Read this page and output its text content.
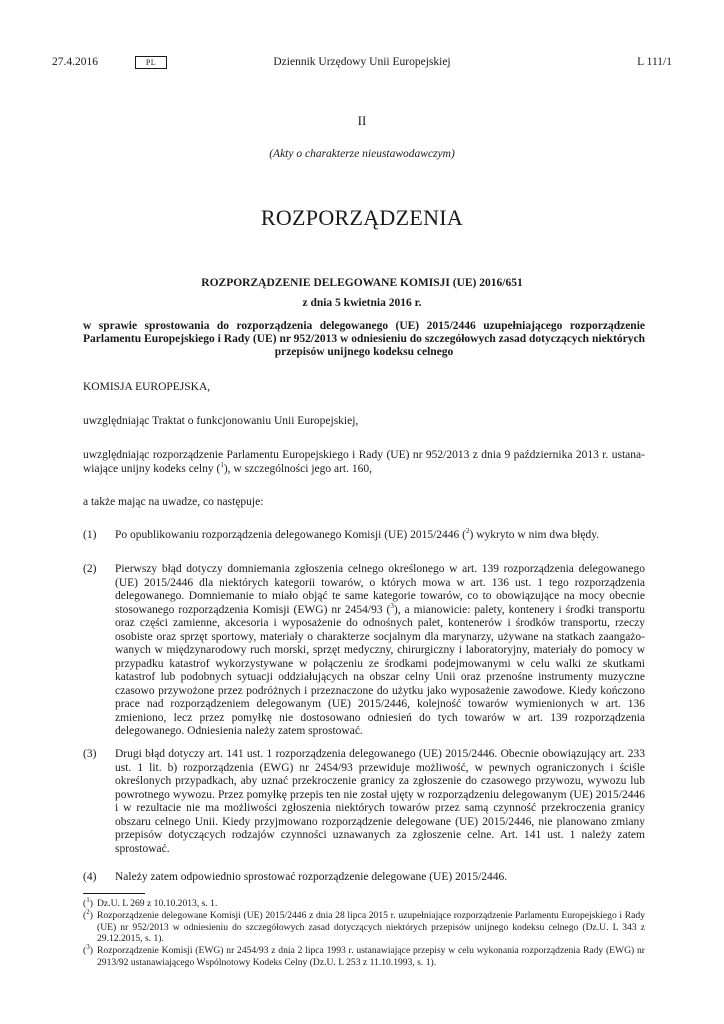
Dziennik Urzędowy Unii Europejskiej
27.4.2016	PL	L 111/1
II
(Akty o charakterze nieustawodawczym)
ROZPORZĄDZENIA
ROZPORZĄDZENIE DELEGOWANE KOMISJI (UE) 2016/651
z dnia 5 kwietnia 2016 r.
w sprawie sprostowania do rozporządzenia delegowanego (UE) 2015/2446 uzupełniającego rozporządzenie Parlamentu Europejskiego i Rady (UE) nr 952/2013 w odniesieniu do szczegółowych zasad dotyczących niektórych przepisów unijnego kodeksu celnego
KOMISJA EUROPEJSKA,
uwzględniając Traktat o funkcjonowaniu Unii Europejskiej,
uwzględniając rozporządzenie Parlamentu Europejskiego i Rady (UE) nr 952/2013 z dnia 9 października 2013 r. ustanawiające unijny kodeks celny ($^1$), w szczególności jego art. 160,
a także mając na uwadze, co następuje:
(1) Po opublikowaniu rozporządzenia delegowanego Komisji (UE) 2015/2446 ($^2$) wykryto w nim dwa błędy.
(2) Pierwszy błąd dotyczy domniemania zgłoszenia celnego określonego w art. 139 rozporządzenia delegowanego (UE) 2015/2446 dla niektórych kategorii towarów, o których mowa w art. 136 ust. 1 tego rozporządzenia delegowanego. Domniemanie to miało objąć te same kategorie towarów, co to obowiązujące na mocy obecnie stosowanego rozporządzenia Komisji (EWG) nr 2454/93 ($^3$), a mianowicie: palety, kontenery i środki transportu oraz części zamienne, akcesoria i wyposażenie do odnośnych palet, kontenerów i środków transportu, rzeczy osobiste oraz sprzęt sportowy, materiały o charakterze socjalnym dla marynarzy, używane na statkach zaangażowanych w międzynarodowy ruch morski, sprzęt medyczny, chirurgiczny i laboratoryjny, materiały do pomocy w przypadku katastrof wykorzystywane w połączeniu ze środkami podejmowanymi w celu walki ze skutkami katastrof lub podobnych sytuacji oddziałujących na obszar celny Unii oraz przenośne instrumenty muzyczne czasowo przywożone przez podróżnych i przeznaczone do użytku jako wyposażenie zawodowe. Kiedy kończono prace nad rozporządzeniem delegowanym (UE) 2015/2446, kolejność towarów wymienionych w art. 136 zmieniono, lecz przez pomyłkę nie dostosowano odniesień do tych towarów w art. 139 rozporządzenia delegowanego. Odniesienia należy zatem sprostować.
(3) Drugi błąd dotyczy art. 141 ust. 1 rozporządzenia delegowanego (UE) 2015/2446. Obecnie obowiązujący art. 233 ust. 1 lit. b) rozporządzenia (EWG) nr 2454/93 przewiduje możliwość, w pewnych ograniczonych i ściśle określonych przypadkach, aby uznać przekroczenie granicy za zgłoszenie do czasowego przywozu, wywozu lub powrotnego wywozu. Przez pomyłkę przepis ten nie został ujęty w rozporządzeniu delegowanym (UE) 2015/2446 i w rezultacie nie ma możliwości zgłoszenia niektórych towarów przez samą czynność przekroczenia granicy obszaru celnego Unii. Kiedy przyjmowano rozporządzenie delegowane (UE) 2015/2446, nie planowano zmiany przepisów dotyczących rodzajów czynności uznawanych za zgłoszenie celne. Art. 141 ust. 1 należy zatem sprostować.
(4) Należy zatem odpowiednio sprostować rozporządzenie delegowane (UE) 2015/2446.
($^1$) Dz.U. L 269 z 10.10.2013, s. 1.
($^2$) Rozporządzenie delegowane Komisji (UE) 2015/2446 z dnia 28 lipca 2015 r. uzupełniające rozporządzenie Parlamentu Europejskiego i Rady (UE) nr 952/2013 w odniesieniu do szczegółowych zasad dotyczących niektórych przepisów unijnego kodeksu celnego (Dz.U. L 343 z 29.12.2015, s. 1).
($^3$) Rozporządzenie Komisji (EWG) nr 2454/93 z dnia 2 lipca 1993 r. ustanawiające przepisy w celu wykonania rozporządzenia Rady (EWG) nr 2913/92 ustanawiającego Wspólnotowy Kodeks Celny (Dz.U. L 253 z 11.10.1993, s. 1).
